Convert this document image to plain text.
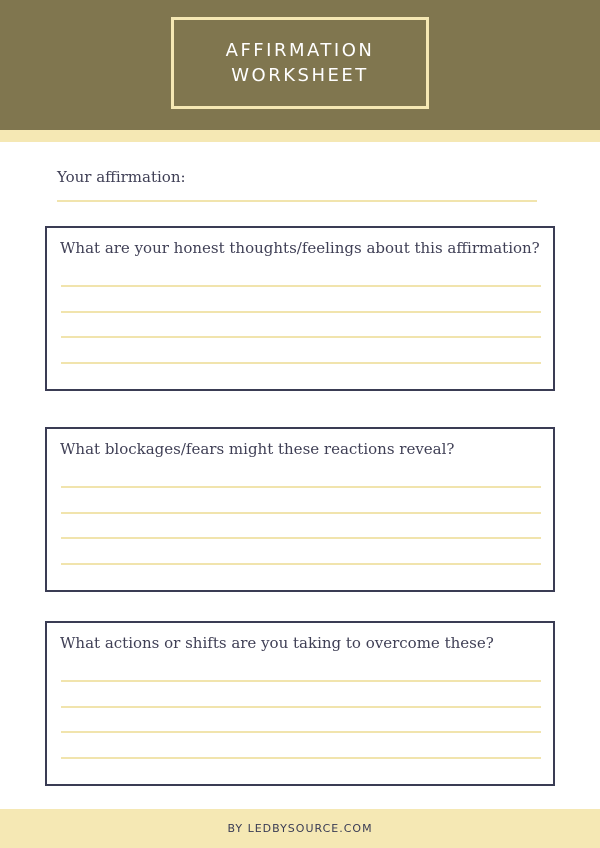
AFFIRMATION
WORKSHEET
Your affirmation:
What are your honest thoughts/feelings about this affirmation?
What blockages/fears might these reactions reveal?
What actions or shifts are you taking to overcome these?
BY LEDBYSOURCE.COM
